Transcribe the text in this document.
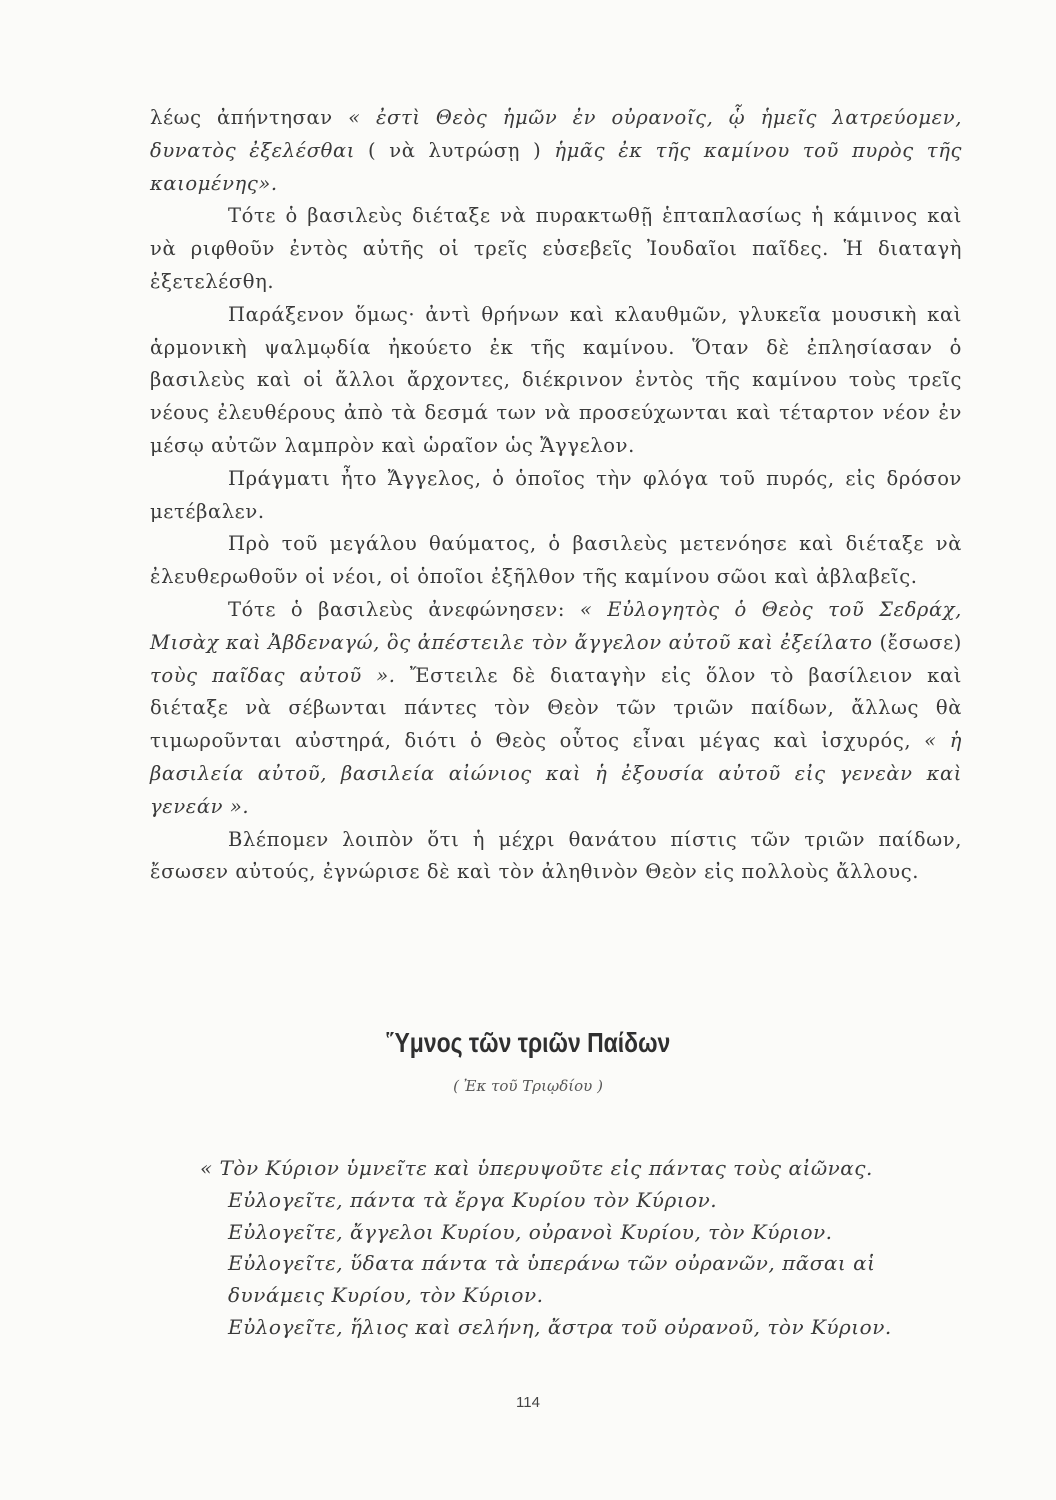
λέως ἀπήντησαν « ἐστὶ Θεὸς ἡμῶν ἐν οὐρανοῖς, ᾧ ἡμεῖς λατρεύομεν, δυνατὸς ἐξελέσθαι ( νὰ λυτρώσῃ ) ἡμᾶς ἐκ τῆς καμίνου τοῦ πυρὸς τῆς καιομένης».

Τότε ὁ βασιλεὺς διέταξε νὰ πυρακτωθῇ ἑπταπλασίως ἡ κάμινος καὶ νὰ ριφθοῦν ἐντὸς αὐτῆς οἱ τρεῖς εὐσεβεῖς Ἰουδαῖοι παῖδες. Ἡ διαταγὴ ἐξετελέσθη.

Παράξενον ὅμως· ἀντὶ θρήνων καὶ κλαυθμῶν, γλυκεῖα μουσικὴ καὶ ἁρμονικὴ ψαλμῳδία ἠκούετο ἐκ τῆς καμίνου. Ὅταν δὲ ἐπλησίασαν ὁ βασιλεὺς καὶ οἱ ἄλλοι ἄρχοντες, διέκρινον ἐντὸς τῆς καμίνου τοὺς τρεῖς νέους ἐλευθέρους ἀπὸ τὰ δεσμά των νὰ προσεύχωνται καὶ τέταρτον νέον ἐν μέσῳ αὐτῶν λαμπρὸν καὶ ὡραῖον ὡς Ἄγγελον.

Πράγματι ἦτο Ἄγγελος, ὁ ὁποῖος τὴν φλόγα τοῦ πυρός, εἰς δρόσον μετέβαλεν.

Πρὸ τοῦ μεγάλου θαύματος, ὁ βασιλεὺς μετενόησε καὶ διέταξε νὰ ἐλευθερωθοῦν οἱ νέοι, οἱ ὁποῖοι ἐξῆλθον τῆς καμίνου σῶοι καὶ ἀβλαβεῖς.

Τότε ὁ βασιλεὺς ἀνεφώνησεν: « Εὐλογητὸς ὁ Θεὸς τοῦ Σεδράχ, Μισὰχ καὶ Ἀβδεναγώ, ὃς ἀπέστειλε τὸν ἄγγελον αὐτοῦ καὶ ἐξείλατο (ἔσωσε) τοὺς παῖδας αὐτοῦ ». Ἔστειλε δὲ διαταγὴν εἰς ὅλον τὸ βασίλειον καὶ διέταξε νὰ σέβωνται πάντες τὸν Θεὸν τῶν τριῶν παίδων, ἄλλως θὰ τιμωροῦνται αὐστηρά, διότι ὁ Θεὸς οὗτος εἶναι μέγας καὶ ἰσχυρός, « ἡ βασιλεία αὐτοῦ, βασιλεία αἰώνιος καὶ ἡ ἐξουσία αὐτοῦ εἰς γενεὰν καὶ γενεάν ».

Βλέπομεν λοιπὸν ὅτι ἡ μέχρι θανάτου πίστις τῶν τριῶν παίδων, ἔσωσεν αὐτούς, ἐγνώρισε δὲ καὶ τὸν ἀληθινὸν Θεὸν εἰς πολλοὺς ἄλλους.

Ὕμνος τῶν τριῶν Παίδων
( Ἐκ τοῦ Τριῳδίου )
« Τὸν Κύριον ὑμνεῖτε καὶ ὑπερυψοῦτε εἰς πάντας τοὺς αἰῶνας.
Εὐλογεῖτε, πάντα τὰ ἔργα Κυρίου τὸν Κύριον.
Εὐλογεῖτε, ἄγγελοι Κυρίου, οὐρανοὶ Κυρίου, τὸν Κύριον.
Εὐλογεῖτε, ὕδατα πάντα τὰ ὑπεράνω τῶν οὐρανῶν, πᾶσαι αἱ δυνάμεις Κυρίου, τὸν Κύριον.
Εὐλογεῖτε, ἥλιος καὶ σελήνη, ἄστρα τοῦ οὐρανοῦ, τὸν Κύριον.
114
